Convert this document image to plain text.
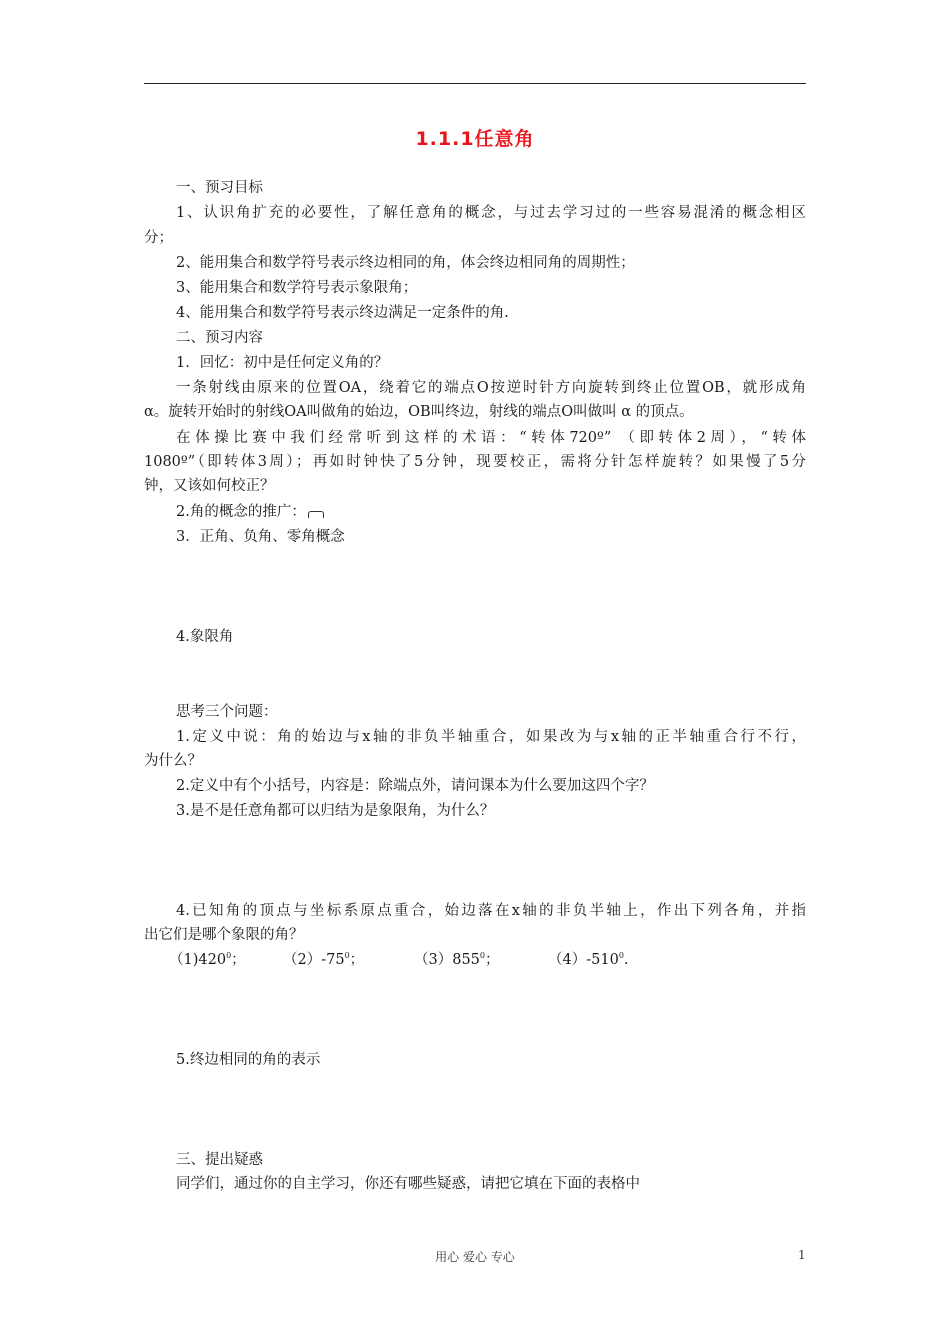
1.1.1任意角
一、预习目标
1、认识角扩充的必要性，了解任意角的概念，与过去学习过的一些容易混淆的概念相区
分；
2、能用集合和数学符号表示终边相同的角，体会终边相同角的周期性；
3、能用集合和数学符号表示象限角；
4、能用集合和数学符号表示终边满足一定条件的角.
二、预习内容
1．回忆：初中是任何定义角的？
一条射线由原来的位置OA，绕着它的端点O按逆时针方向旋转到终止位置OB，就形成角
α。旋转开始时的射线OA叫做角的始边，OB叫终边，射线的端点O叫做叫 α 的顶点。
在体操比赛中我们经常听到这样的术语：“转体720º” （即转体2周），“转体
1080º”（即转体3周）；再如时钟快了5分钟，现要校正，需将分针怎样旋转？如果慢了5分
钟，又该如何校正？
2.角的概念的推广：
3．正角、负角、零角概念
4.象限角
思考三个问题：
1.定义中说：角的始边与x轴的非负半轴重合，如果改为与x轴的正半轴重合行不行，
为什么？
2.定义中有个小括号，内容是：除端点外，请问课本为什么要加这四个字？
3.是不是任意角都可以归结为是象限角，为什么？
4.已知角的顶点与坐标系原点重合，始边落在x轴的非负半轴上，作出下列各角，并指
出它们是哪个象限的角？
$(1)420^0$；	$(2)-75^0$；	$(3)855^0$；	$(4)-510^0$.
5.终边相同的角的表示
三、提出疑惑
同学们，通过你的自主学习，你还有哪些疑惑，请把它填在下面的表格中
用心 爱心 专心	1
